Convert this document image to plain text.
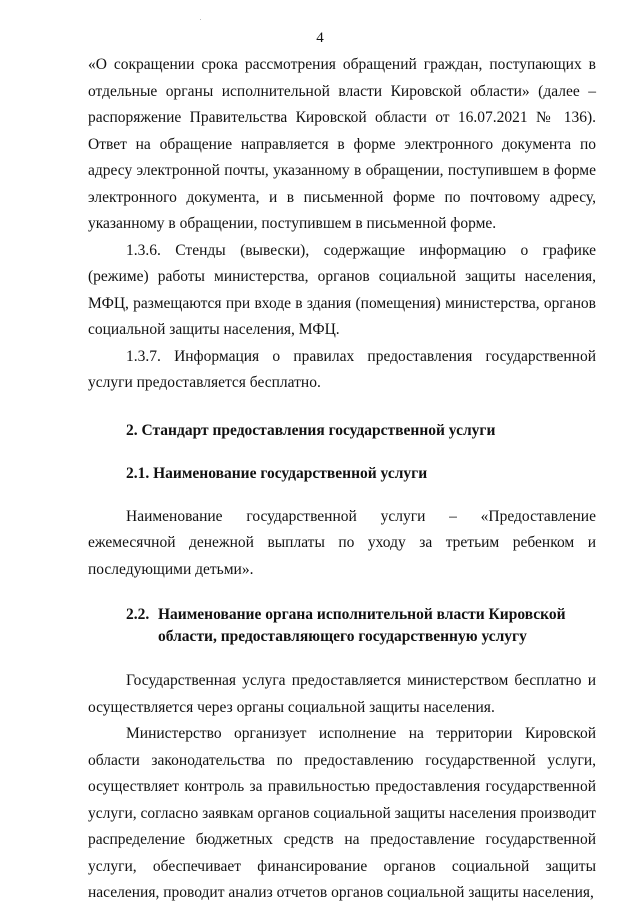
4

«О сокращении срока рассмотрения обращений граждан, поступающих в отдельные органы исполнительной власти Кировской области» (далее – распоряжение Правительства Кировской области от 16.07.2021 № 136). Ответ на обращение направляется в форме электронного документа по адресу электронной почты, указанному в обращении, поступившем в форме электронного документа, и в письменной форме по почтовому адресу, указанному в обращении, поступившем в письменной форме.

1.3.6. Стенды (вывески), содержащие информацию о графике (режиме) работы министерства, органов социальной защиты населения, МФЦ, размещаются при входе в здания (помещения) министерства, органов социальной защиты населения, МФЦ.

1.3.7. Информация о правилах предоставления государственной услуги предоставляется бесплатно.

2. Стандарт предоставления государственной услуги
2.1. Наименование государственной услуги

Наименование государственной услуги – «Предоставление ежемесячной денежной выплаты по уходу за третьим ребенком и последующими детьми».

2.2. Наименование органа исполнительной власти Кировской
области, предоставляющего государственную услугу

Государственная услуга предоставляется министерством бесплатно и осуществляется через органы социальной защиты населения.

Министерство организует исполнение на территории Кировской области законодательства по предоставлению государственной услуги, осуществляет контроль за правильностью предоставления государственной услуги, согласно заявкам органов социальной защиты населения производит распределение бюджетных средств на предоставление государственной услуги, обеспечивает финансирование органов социальной защиты населения, проводит анализ отчетов органов социальной защиты населения,
